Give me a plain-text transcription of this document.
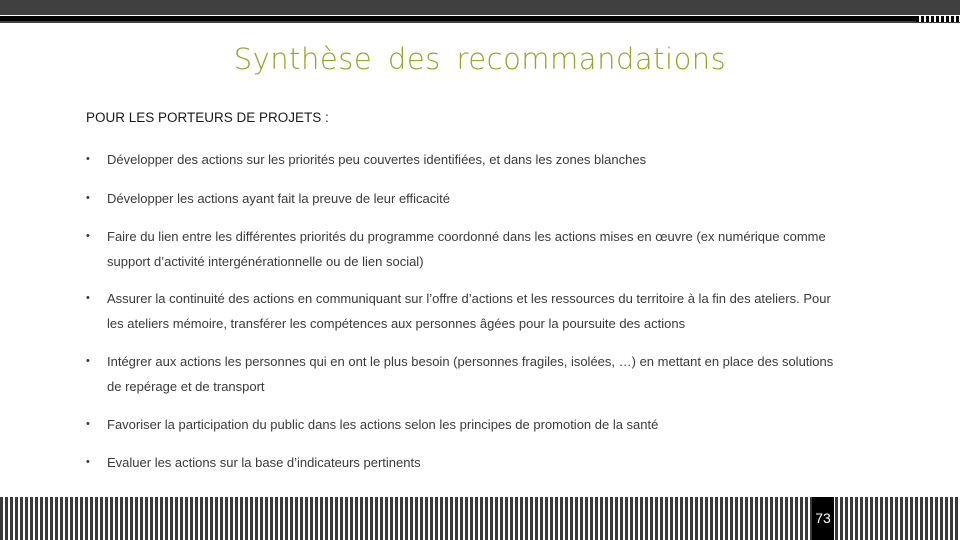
Synthèse des recommandations
POUR LES PORTEURS DE PROJETS :
• Développer des actions sur les priorités peu couvertes identifiées, et dans les zones blanches
• Développer les actions ayant fait la preuve de leur efficacité
• Faire du lien entre les différentes priorités du programme coordonné dans les actions mises en œuvre (ex numérique comme support d’activité intergénérationnelle ou de lien social)
• Assurer la continuité des actions en communiquant sur l’offre d’actions et les ressources du territoire à la fin des ateliers. Pour les ateliers mémoire, transférer les compétences aux personnes âgées pour la poursuite des actions
• Intégrer aux actions les personnes qui en ont le plus besoin (personnes fragiles, isolées, …) en mettant en place des solutions de repérage et de transport
• Favoriser la participation du public dans les actions selon les principes de promotion de la santé
• Evaluer les actions sur la base d’indicateurs pertinents
73
